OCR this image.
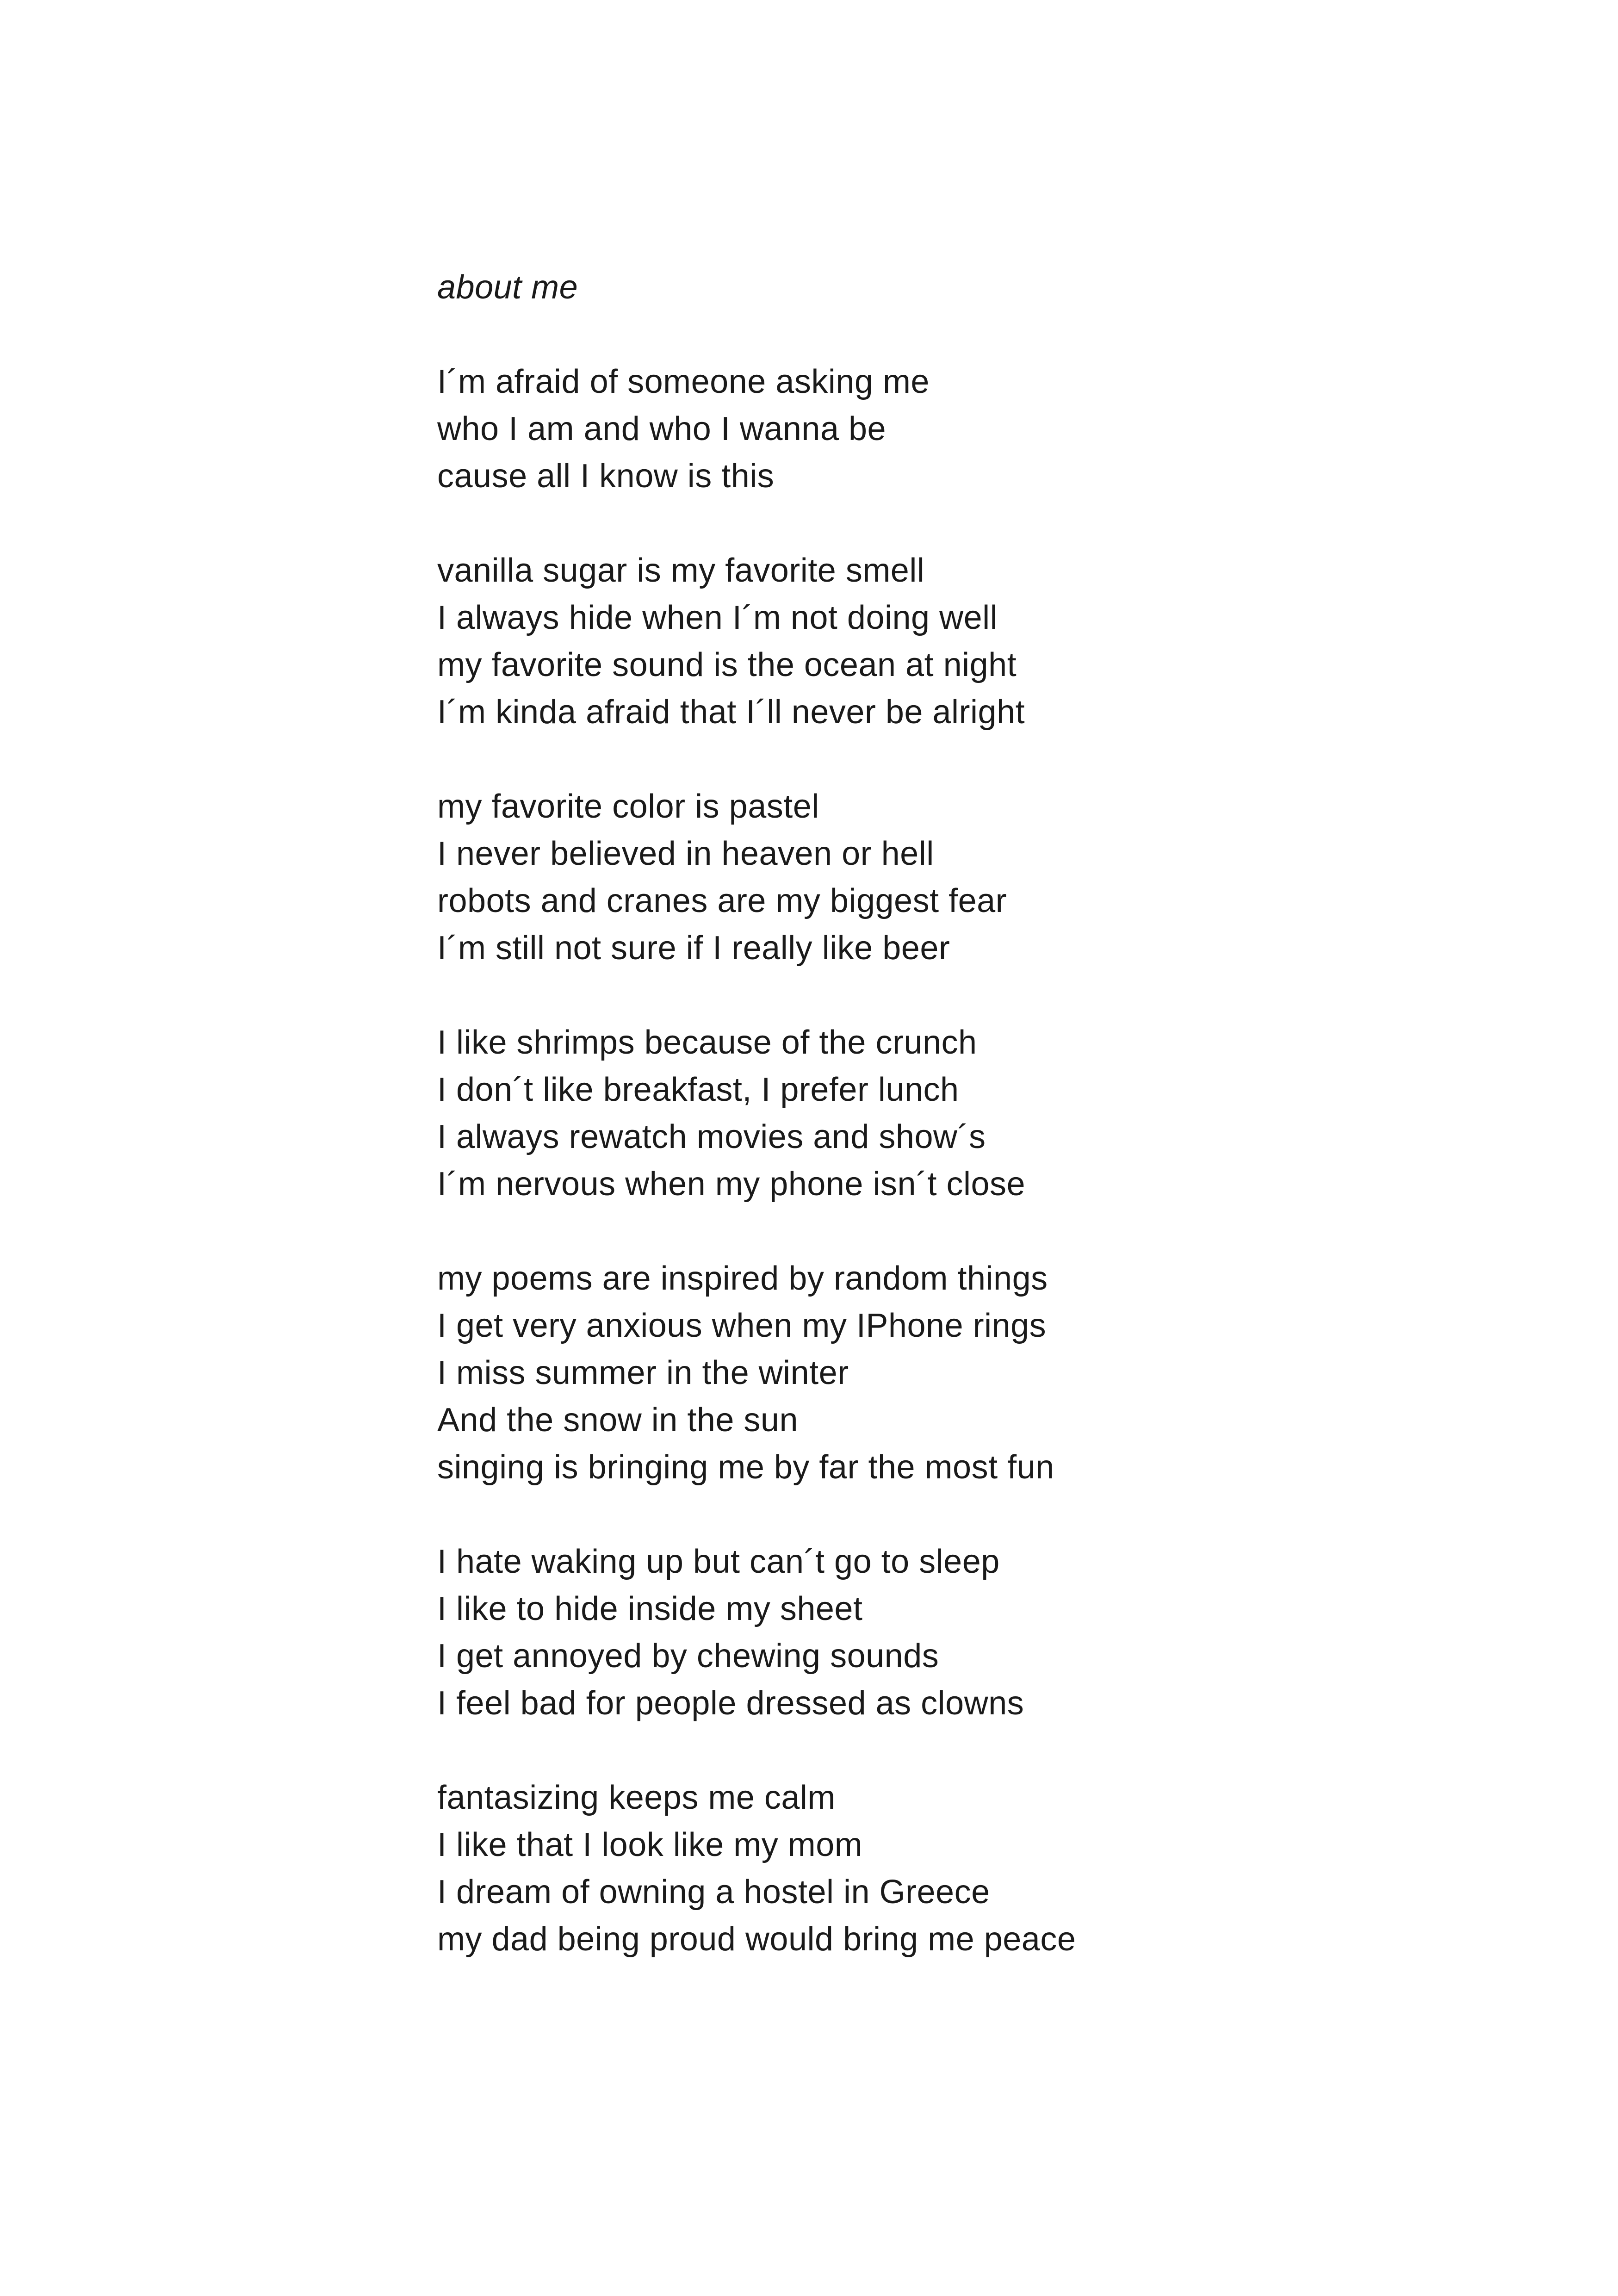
about me
I´m afraid of someone asking me
who I am and who I wanna be
cause all I know is this
vanilla sugar is my favorite smell
I always hide when I´m not doing well
my favorite sound is the ocean at night
I´m kinda afraid that I´ll never be alright
my favorite color is pastel
I never believed in heaven or hell
robots and cranes are my biggest fear
I´m still not sure if I really like beer
I like shrimps because of the crunch
I don´t like breakfast, I prefer lunch
I always rewatch movies and show´s
I´m nervous when my phone isn´t close
my poems are inspired by random things
I get very anxious when my IPhone rings
I miss summer in the winter
And the snow in the sun
singing is bringing me by far the most fun
I hate waking up but can´t go to sleep
I like to hide inside my sheet
I get annoyed by chewing sounds
I feel bad for people dressed as clowns
fantasizing keeps me calm
I like that I look like my mom
I dream of owning a hostel in Greece
my dad being proud would bring me peace
